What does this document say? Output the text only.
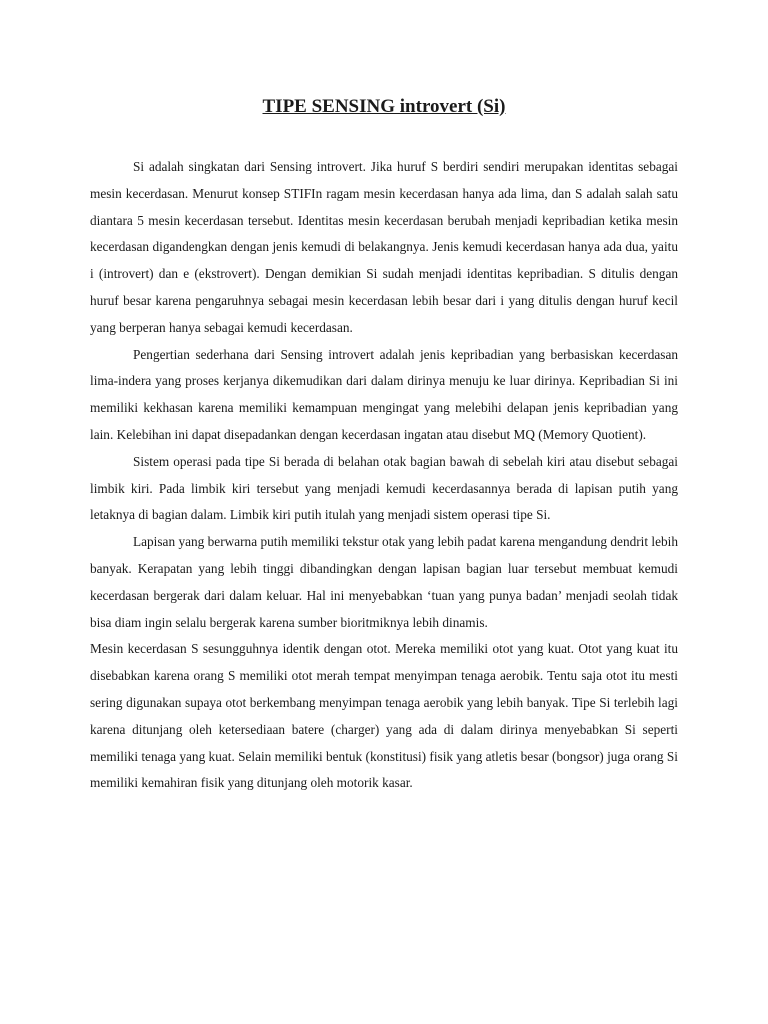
TIPE SENSING introvert (Si)

Si adalah singkatan dari Sensing introvert. Jika huruf S berdiri sendiri merupakan identitas sebagai mesin kecerdasan. Menurut konsep STIFIn ragam mesin kecerdasan hanya ada lima, dan S adalah salah satu diantara 5 mesin kecerdasan tersebut. Identitas mesin kecerdasan berubah menjadi kepribadian ketika mesin kecerdasan digandengkan dengan jenis kemudi di belakangnya. Jenis kemudi kecerdasan hanya ada dua, yaitu i (introvert) dan e (ekstrovert). Dengan demikian Si sudah menjadi identitas kepribadian. S ditulis dengan huruf besar karena pengaruhnya sebagai mesin kecerdasan lebih besar dari i yang ditulis dengan huruf kecil yang berperan hanya sebagai kemudi kecerdasan.

Pengertian sederhana dari Sensing introvert adalah jenis kepribadian yang berbasiskan kecerdasan lima-indera yang proses kerjanya dikemudikan dari dalam dirinya menuju ke luar dirinya. Kepribadian Si ini memiliki kekhasan karena memiliki kemampuan mengingat yang melebihi delapan jenis kepribadian yang lain. Kelebihan ini dapat disepadankan dengan kecerdasan ingatan atau disebut MQ (Memory Quotient).

Sistem operasi pada tipe Si berada di belahan otak bagian bawah di sebelah kiri atau disebut sebagai limbik kiri. Pada limbik kiri tersebut yang menjadi kemudi kecerdasannya berada di lapisan putih yang letaknya di bagian dalam. Limbik kiri putih itulah yang menjadi sistem operasi tipe Si.

Lapisan yang berwarna putih memiliki tekstur otak yang lebih padat karena mengandung dendrit lebih banyak. Kerapatan yang lebih tinggi dibandingkan dengan lapisan bagian luar tersebut membuat kemudi kecerdasan bergerak dari dalam keluar. Hal ini menyebabkan ‘tuan yang punya badan’ menjadi seolah tidak bisa diam ingin selalu bergerak karena sumber bioritmiknya lebih dinamis.

Mesin kecerdasan S sesungguhnya identik dengan otot. Mereka memiliki otot yang kuat. Otot yang kuat itu disebabkan karena orang S memiliki otot merah tempat menyimpan tenaga aerobik. Tentu saja otot itu mesti sering digunakan supaya otot berkembang menyimpan tenaga aerobik yang lebih banyak. Tipe Si terlebih lagi karena ditunjang oleh ketersediaan batere (charger) yang ada di dalam dirinya menyebabkan Si seperti memiliki tenaga yang kuat. Selain memiliki bentuk (konstitusi) fisik yang atletis besar (bongsor) juga orang Si memiliki kemahiran fisik yang ditunjang oleh motorik kasar.
